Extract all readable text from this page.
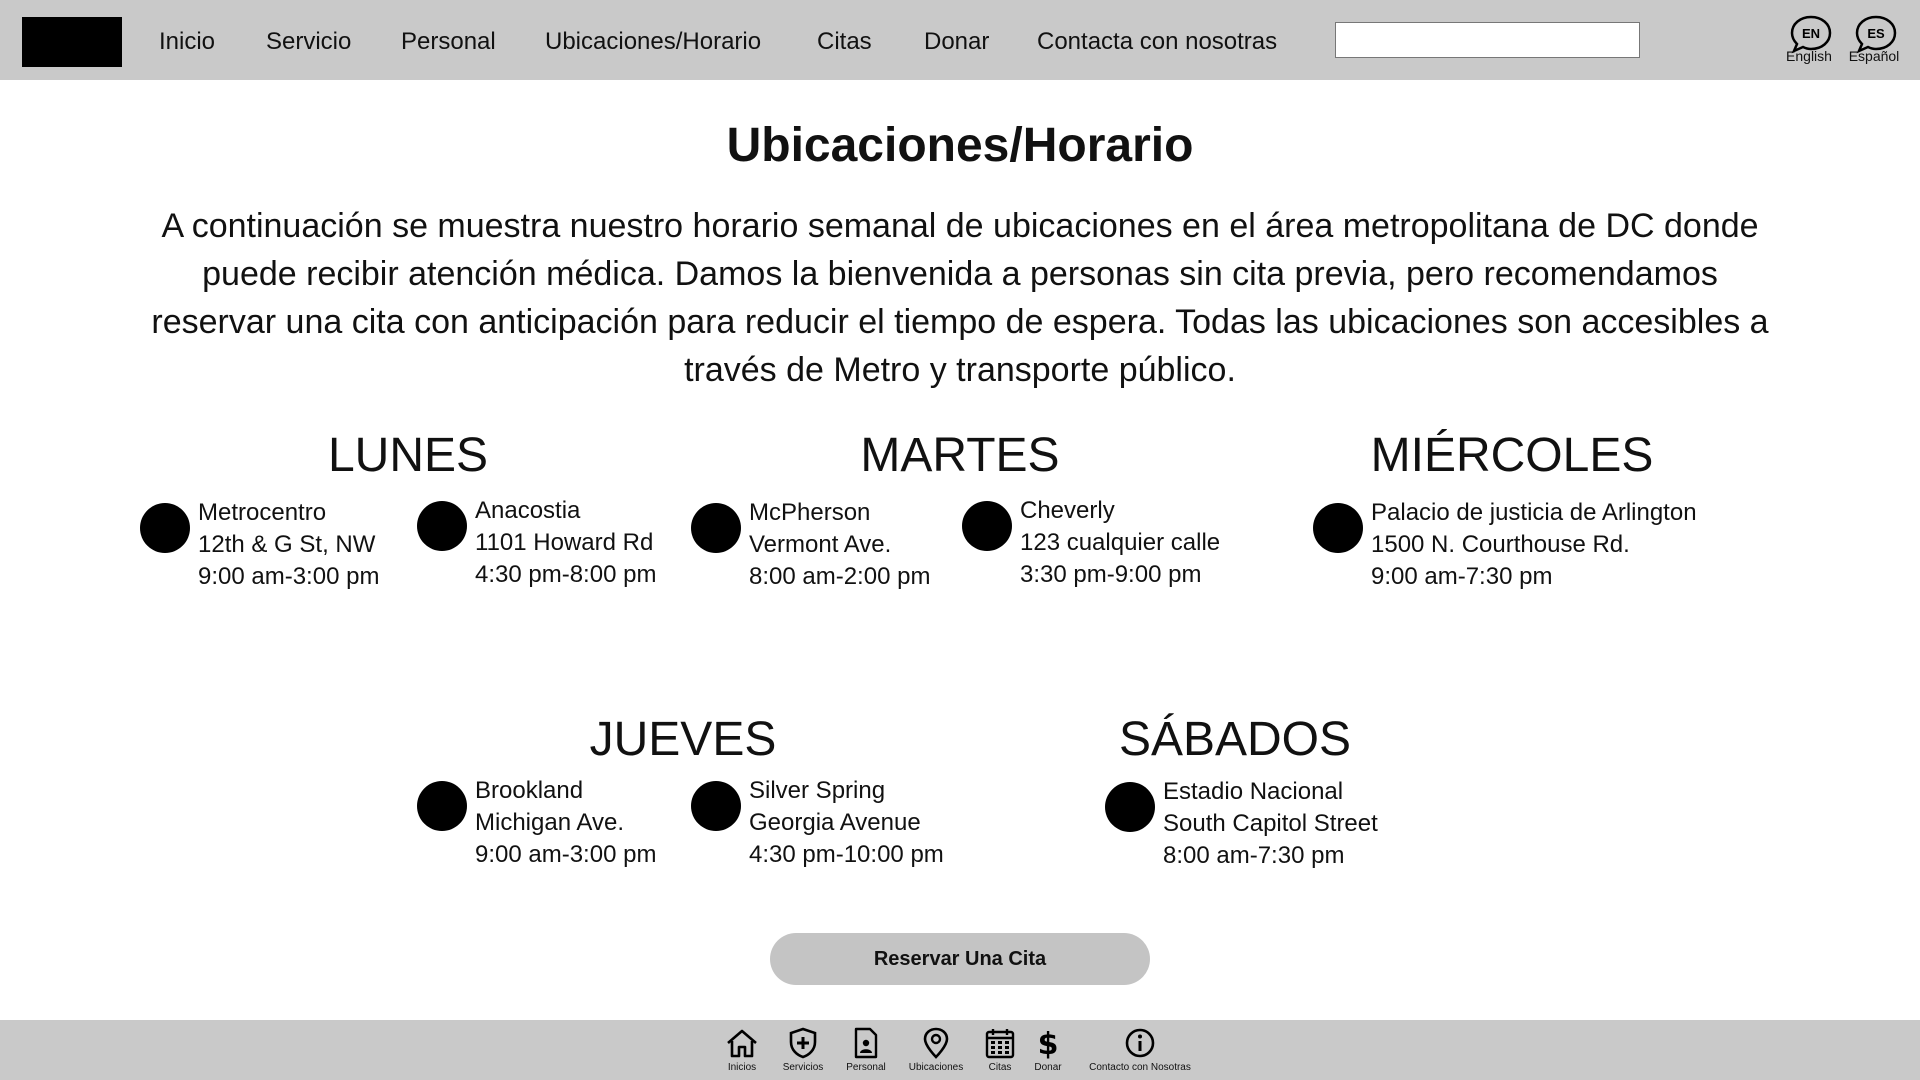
Inicio Servicio Personal Ubicaciones/Horario Citas Donar Contacta con nosotras	EN
English
ES
Español
Ubicaciones/Horario

A continuación se muestra nuestro horario semanal de ubicaciones en el área metropolitana de DC donde puede recibir atención médica. Damos la bienvenida a personas sin cita previa, pero recomendamos reservar una cita con anticipación para reducir el tiempo de espera. Todas las ubicaciones son accesibles a través de Metro y transporte público.

LUNES
Metrocentro
12th & G St, NW
9:00 am-3:00 pm
Anacostia
1101 Howard Rd
4:30 pm-8:00 pm
MARTES
McPherson
Vermont Ave.
8:00 am-2:00 pm
Cheverly
123 cualquier calle
3:30 pm-9:00 pm
MIÉRCOLES
Palacio de justicia de Arlington
1500 N. Courthouse Rd.
9:00 am-7:30 pm
JUEVES
Brookland
Michigan Ave.
9:00 am-3:00 pm
Silver Spring
Georgia Avenue
4:30 pm-10:00 pm
SÁBADOS
Estadio Nacional
South Capitol Street
8:00 am-7:30 pm
Reservar Una Cita
Inicios	Servicios Personal Ubicaciones	Citas
$
Donar	Contacto con Nosotras
